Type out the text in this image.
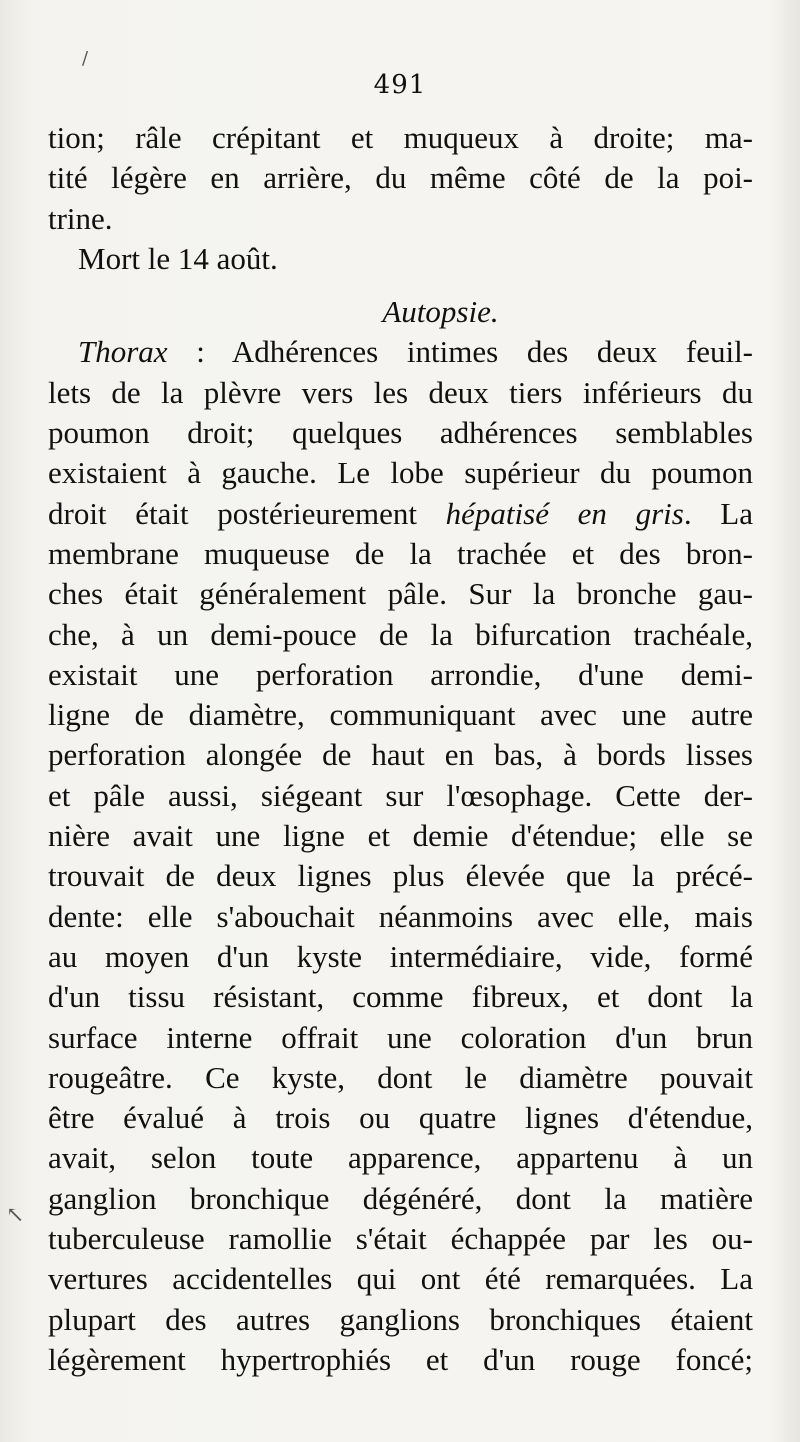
491
tion; râle crépitant et muqueux à droite; ma-
tité légère en arrière, du même côté de la poi-
trine.
Mort le 14 août.
Autopsie.
Thorax : Adhérences intimes des deux feuil-
lets de la plèvre vers les deux tiers inférieurs du
poumon droit; quelques adhérences semblables
existaient à gauche. Le lobe supérieur du poumon
droit était postérieurement hépatisé en gris. La
membrane muqueuse de la trachée et des bron-
ches était généralement pâle. Sur la bronche gau-
che, à un demi-pouce de la bifurcation trachéale,
existait une perforation arrondie, d'une demi-
ligne de diamètre, communiquant avec une autre
perforation alongée de haut en bas, à bords lisses
et pâle aussi, siégeant sur l'œsophage. Cette der-
nière avait une ligne et demie d'étendue; elle se
trouvait de deux lignes plus élevée que la précé-
dente: elle s'abouchait néanmoins avec elle, mais
au moyen d'un kyste intermédiaire, vide, formé
d'un tissu résistant, comme fibreux, et dont la
surface interne offrait une coloration d'un brun
rougeâtre. Ce kyste, dont le diamètre pouvait
être évalué à trois ou quatre lignes d'étendue,
avait, selon toute apparence, appartenu à un
ganglion bronchique dégénéré, dont la matière
tuberculeuse ramollie s'était échappée par les ou-
vertures accidentelles qui ont été remarquées. La
plupart des autres ganglions bronchiques étaient
légèrement hypertrophiés et d'un rouge foncé;
↖
/
